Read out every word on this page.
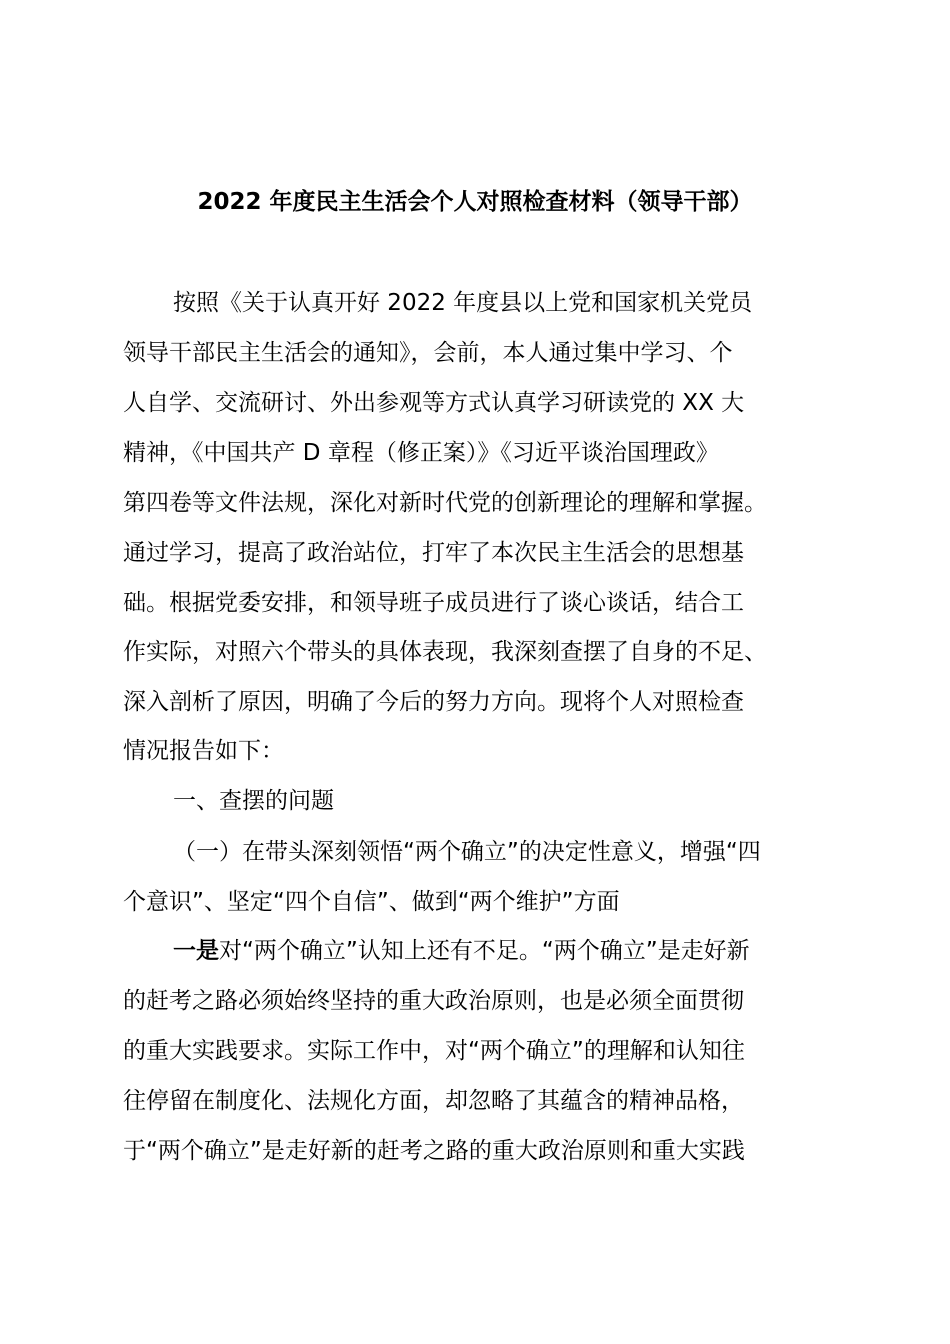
2022 年度民主生活会个人对照检查材料（领导干部）
按照《关于认真开好 2022 年度县以上党和国家机关党员
领导干部民主生活会的通知》，会前，本人通过集中学习、个
人自学、交流研讨、外出参观等方式认真学习研读党的 XX 大
精神，《中国共产 D 章程（修正案）》《习近平谈治国理政》
第四卷等文件法规，深化对新时代党的创新理论的理解和掌握。
通过学习，提高了政治站位，打牢了本次民主生活会的思想基
础。根据党委安排，和领导班子成员进行了谈心谈话，结合工
作实际，对照六个带头的具体表现，我深刻查摆了自身的不足、
深入剖析了原因，明确了今后的努力方向。现将个人对照检查
情况报告如下：
一、查摆的问题
（一）在带头深刻领悟“两个确立”的决定性意义，增强“四
个意识”、坚定“四个自信”、做到“两个维护”方面
一是对“两个确立”认知上还有不足。“两个确立”是走好新
的赶考之路必须始终坚持的重大政治原则，也是必须全面贯彻
的重大实践要求。实际工作中，对“两个确立”的理解和认知往
往停留在制度化、法规化方面，却忽略了其蕴含的精神品格，
于“两个确立”是走好新的赶考之路的重大政治原则和重大实践
